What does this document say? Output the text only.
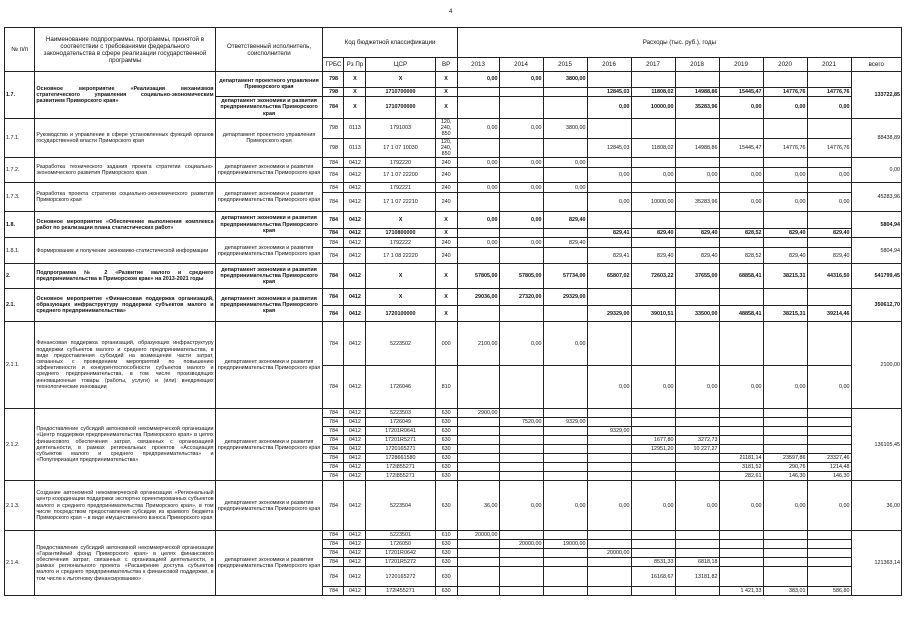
4
№ п/п	Наименование подпрограммы, программы, принятой в соответствии с требованиями федерального законодательства в сфере реализации государственной программы	Ответственный исполнитель, соисполнители	Код бюджетной классификации				Расходы (тыс. руб.), годы									
			ГРБС	Рз Пр	ЦСР	ВР	2013	2014	2015	2016	2017	2018	2019	2020	2021	всего
1.7.	Основное мероприятие «Реализация механизмов стратегического управления социально-экономическим развитием Приморского края»	департамент проектного управления Приморского края	798	X	X	X	0,00	0,00	3800,00							133722,85
			798	X	1710700000	X				12845,03	11808,02	14988,86	15445,47	14776,76	14776,76	
		департамент экономики и развития предпринимательства Приморского края	784	X	1710700000	X				0,00	10000,00	35283,96	0,00	0,00	0,00	
1.7.1.	Руководство и управление в сфере установленных функций органов государственной власти Приморского края	департамент проектного управления Приморского края	798	0113	1791003	120, 240, 850	0,00	0,00	3800,00							88438,89
			798	0113	17 1 07 10030	120, 240, 850				12845,03	11808,02	14988,86	15445,47	14776,76	14776,76	
1.7.2.	Разработка технического задания проекта стратегии социально-экономического развития Приморского края	департамент экономики и развития предпринимательства Приморского края	784	0412	1792220	240	0,00	0,00	0,00							0,00
			784	0412	17 1 07 22200	240				0,00	0,00	0,00	0,00	0,00	0,00	
1.7.3.	Разработка проекта стратегии социально-экономического развития Приморского края	департамент экономики и развития предпринимательства Приморского края	784	0412	1792221	240	0,00	0,00	0,00							45283,96
			784	0412	17 1 07 22210	240				0,00	10000,00	35283,96	0,00	0,00	0,00	
1.8.	Основное мероприятие «Обеспечение выполнения комплекса работ по реализации плана статистических работ»	департамент экономики и развития предпринимательства Приморского края	784	0412	X	X	0,00	0,00	829,40							5804,94
			784	0412	1710800000	X				829,41	829,40	829,40	828,52	829,40	829,40	
1.8.1.	Формирование и получение экономико-статистической информации	департамент экономики и развития предпринимательства Приморского края	784	0412	1792222	240	0,00	0,00	829,40							5804,94
			784	0412	17 1 08 22220	240				829,41	829,40	829,40	828,52	829,40	829,40	
2.	Подпрограмма № 2 «Развитие малого и среднего предпринимательства в Приморском крае» на 2013-2021 годы	департамент экономики и развития предпринимательства Приморского края	784	0412	X	X	57805,00	57805,00	57734,00	65807,02	72603,22	37655,00	68858,41	38215,31	44316,50	541799,45
2.1.	Основное мероприятие «Финансовая поддержка организаций, образующих инфраструктуру поддержки субъектов малого и среднего предпринимательства»	департамент экономики и развития предпринимательства Приморского края	784	0412	X	X	29036,00	27320,00	29329,00							350612,70
			784	0412	1720100000	X				29329,00	39010,51	33500,00	48858,41	38215,31	39214,46	
2.1.1.	Финансовая поддержка организаций, образующих инфраструктуру поддержки субъектов малого и среднего предпринимательства, в виде предоставления субсидий на возмещение части затрат, связанных с проведением мероприятий по повышению эффективности и конкурентоспособности субъектов малого и среднего предпринимательства, в том числе производящих инновационные товары (работы, услуги) и (или) внедряющих технологические инновации	департамент экономики и развития предпринимательства Приморского края	784	0412	5223502	000	2100,00	0,00	0,00							2100,00
			784	0412	1726046	810				0,00	0,00	0,00	0,00	0,00	0,00	
2.1.2.	Предоставление субсидий автономной некоммерческой организации «Центр поддержки предпринимательства Приморского края» в целях финансового обеспечения затрат, связанных с организацией деятельности, в рамках региональных проектов «Ассоциация субъектов малого и среднего предпринимательства» и «Популяризация предпринимательства»	департамент экономики и развития предпринимательства Приморского края	784	0412	5223503	630	2900,00									136105,45
			784	0412	1726049	630		7520,00	9329,00							
			784	0412	17201R0641	630				9329,00						
			784	0412	17201R5271	630					1677,80	3272,73				
			784	0412	1720165271	630					12951,20	10 227,27				
			784	0412	1728661580	630							21181,14	23597,86	23327,46	
			784	0412	172I855271	630							3181,52	290,76	1214,48	
			784	0412	172I855271	630							282,61	146,30	146,30	
2.1.3.	Создание автономной некоммерческой организации «Региональный центр координации поддержки экспортно ориентированных субъектов малого и среднего предпринимательства Приморского края», в том числе посредством предоставления субсидии из краевого бюджета Приморского края – в виде имущественного взноса Приморского края	департамент экономики и развития предпринимательства Приморского края	784	0412	5223504	630	36,00	0,00	0,00	0,00	0,00	0,00	0,00	0,00	0,00	36,00
2.1.4.	Предоставление субсидий автономной некоммерческой организации «Гарантийный фонд Приморского края» в целях финансового обеспечения затрат, связанных с организацией деятельности, в рамках регионального проекта «Расширение доступа субъектов малого и среднего предпринимательства к финансовой поддержке, в том числе к льготному финансированию»	департамент экономики и развития предпринимательства Приморского края	784	0412	5223501	610	20000,00									121363,14
			784	0412	1726050	630		20000,00	19000,00							
			784	0412	17201R0642	630				20000,00						
			784	0412	17201R5272	630					8531,33	6818,18				
			784	0412	1720165272	630					16168,67	13181,82				
			784	0412	172I455271	630							1 421,33	383,01	586,80	
